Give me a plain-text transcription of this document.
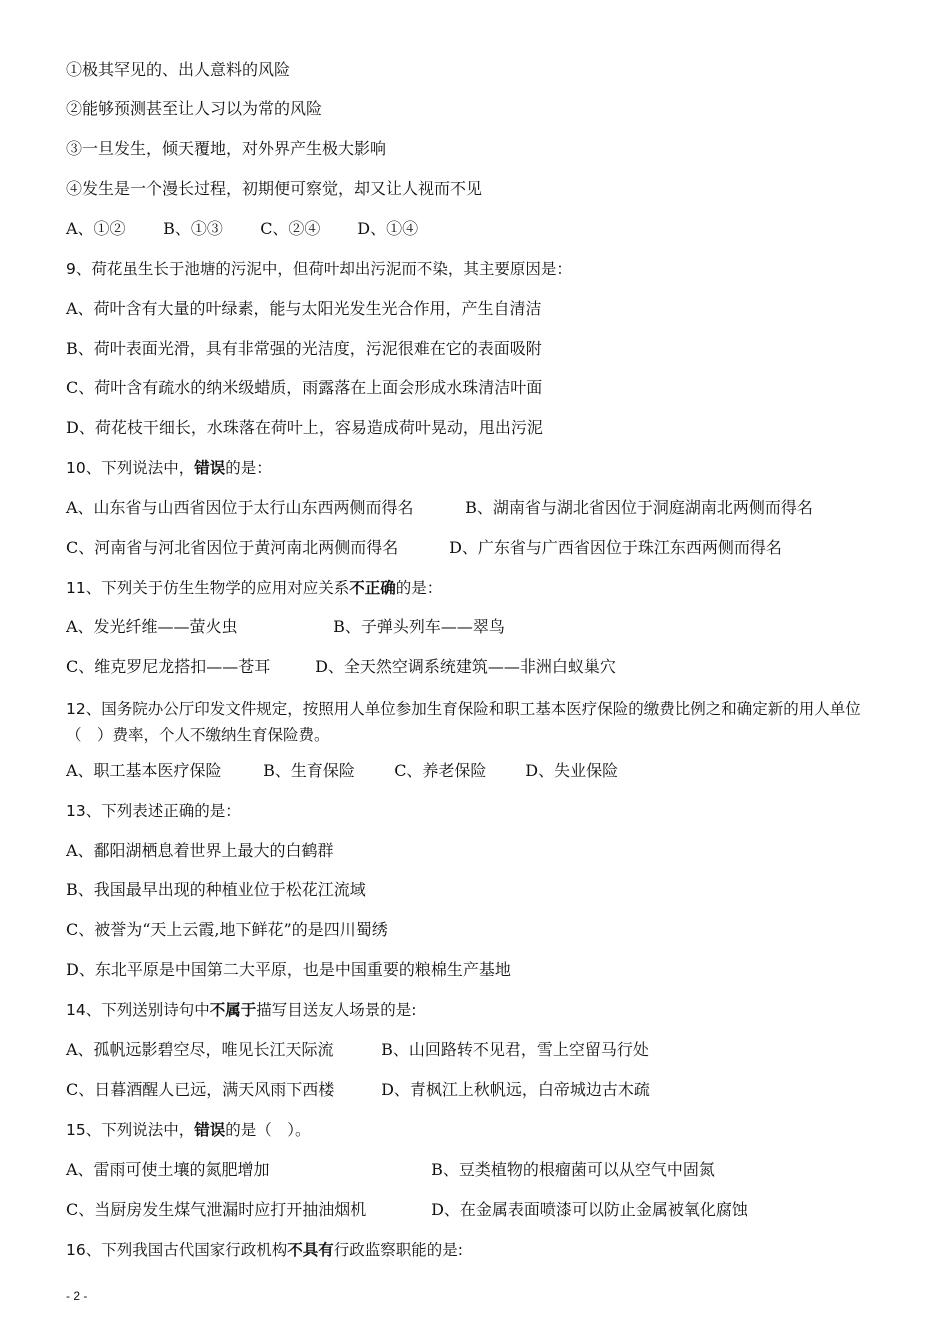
①极其罕见的、出人意料的风险
②能够预测甚至让人习以为常的风险
③一旦发生，倾天覆地，对外界产生极大影响
④发生是一个漫长过程，初期便可察觉，却又让人视而不见
A、①② B、①③ C、②④ D、①④
9、荷花虽生长于池塘的污泥中，但荷叶却出污泥而不染，其主要原因是：
A、荷叶含有大量的叶绿素，能与太阳光发生光合作用，产生自清洁
B、荷叶表面光滑，具有非常强的光洁度，污泥很难在它的表面吸附
C、荷叶含有疏水的纳米级蜡质，雨露落在上面会形成水珠清洁叶面
D、荷花枝干细长，水珠落在荷叶上，容易造成荷叶晃动，甩出污泥
10、下列说法中，错误的是：
A、山东省与山西省因位于太行山东西两侧而得名	B、湖南省与湖北省因位于洞庭湖南北两侧而得名
C、河南省与河北省因位于黄河南北两侧而得名	D、广东省与广西省因位于珠江东西两侧而得名
11、下列关于仿生生物学的应用对应关系不正确的是：
A、发光纤维——萤火虫	B、子弹头列车——翠鸟
C、维克罗尼龙搭扣——苍耳	D、全天然空调系统建筑——非洲白蚁巢穴
12、国务院办公厅印发文件规定，按照用人单位参加生育保险和职工基本医疗保险的缴费比例之和确定新的用人单位（　）费率，个人不缴纳生育保险费。
A、职工基本医疗保险	B、生育保险 C、养老保险 D、失业保险
13、下列表述正确的是：
A、鄱阳湖栖息着世界上最大的白鹤群
B、我国最早出现的种植业位于松花江流域
C、被誉为“天上云霞,地下鲜花”的是四川蜀绣
D、东北平原是中国第二大平原，也是中国重要的粮棉生产基地
14、下列送别诗句中不属于描写目送友人场景的是:
A、孤帆远影碧空尽，唯见长江天际流	B、山回路转不见君，雪上空留马行处
C、日暮酒醒人已远，满天风雨下西楼	D、青枫江上秋帆远，白帝城边古木疏
15、下列说法中，错误的是（　）。
A、雷雨可使土壤的氮肥增加	B、豆类植物的根瘤菌可以从空气中固氮
C、当厨房发生煤气泄漏时应打开抽油烟机	D、在金属表面喷漆可以防止金属被氧化腐蚀
16、下列我国古代国家行政机构不具有行政监察职能的是:
- 2 -
